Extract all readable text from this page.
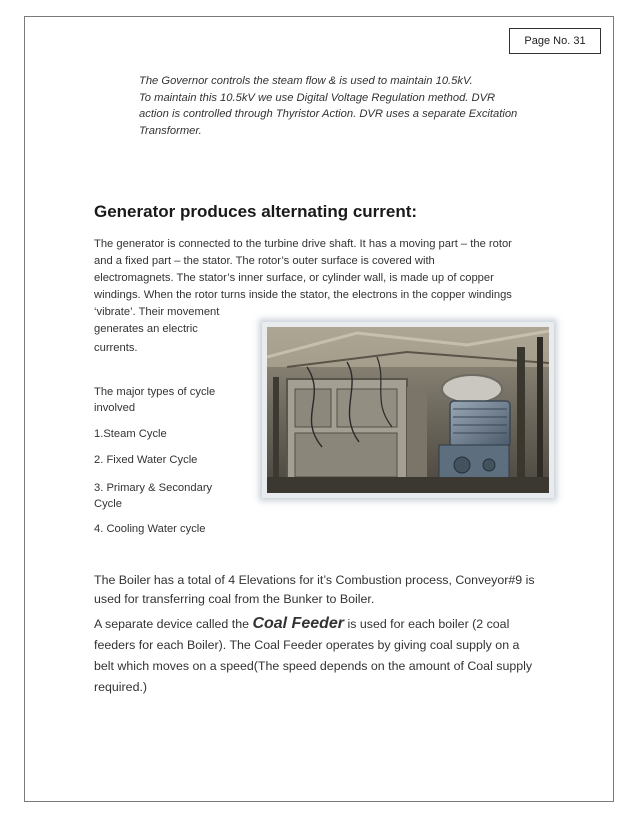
Page No. 31

The Governor controls the steam flow & is used to maintain 10.5kV.

To maintain this 10.5kV we use Digital Voltage Regulation method. DVR

action is controlled through Thyristor Action. DVR uses a separate Excitation

Transformer.

Generator produces alternating current:
The generator is connected to the turbine drive shaft. It has a moving part – the rotor
and a fixed part – the stator. The rotor’s outer surface is covered with
electromagnets. The stator’s inner surface, or cylinder wall, is made up of copper
windings. When the rotor turns inside the stator, the electrons in the copper windings
‘vibrate’. Their movement
generates an electric
currents.

The major types of cycle
involved

1.Steam Cycle

2. Fixed Water Cycle

3. Primary & Secondary
Cycle

4. Cooling Water cycle

The Boiler has a total of 4 Elevations for it’s Combustion process, Conveyor#9 is
used for transferring coal from the Bunker to Boiler.
A separate device called the Coal Feeder is used for each boiler (2 coal
feeders for each Boiler). The Coal Feeder operates by giving coal supply on a
belt which moves on a speed(The speed depends on the amount of Coal supply
required.)
